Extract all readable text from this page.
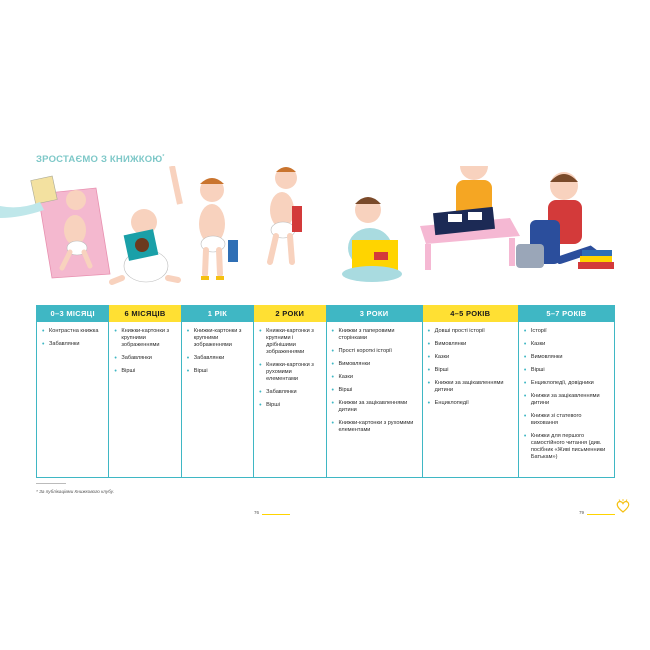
ЗРОСТАЄМО З КНИЖКОЮ*
0–3 МІСЯЦІ
• Контрастна книжка
• Забавлянки
6 МІСЯЦІВ
• Книжки-картонки з крупними зображеннями
• Забавлянки
• Вірші
1 РІК
• Книжки-картонки з крупними зображеннями
• Забавлянки
• Вірші
2 РОКИ
• Книжки-картонки з крупними і дрібнішими зображеннями
• Книжки-картонки з рухомими елементами
• Забавлянки
• Вірші
3 РОКИ
• Книжки з паперовими сторінками
• Прості короткі історії
• Вимовлянки
• Казки
• Вірші
• Книжки за зацікавленнями дитини
• Книжки-картонки з рухомими елементами
4–5 РОКІВ
• Довші прості історії
• Вимовлянки
• Казки
• Вірші
• Книжки за зацікавленнями дитини
• Енциклопедії
5–7 РОКІВ
• Історії
• Казки
• Вимовлянки
• Вірші
• Енциклопедії, довідники
• Книжки за зацікавленнями дитини
• Книжки зі статевого виховання
• Книжки для першого самостійного читання (див. посібник «Живі письменники Батькам»)
* За публікаціями Книжкового клубу.
76	79
